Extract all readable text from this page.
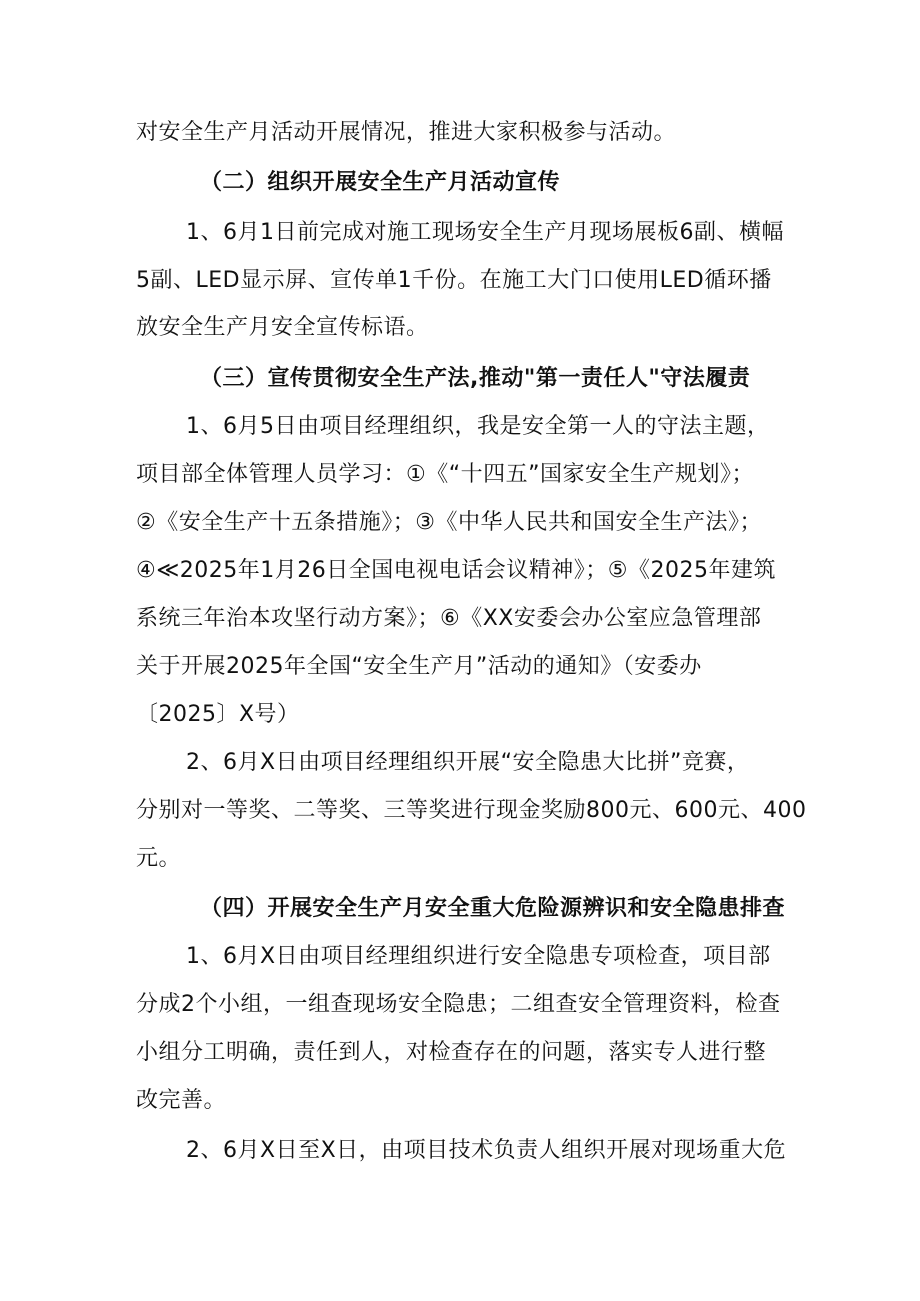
对安全生产月活动开展情况，推进大家积极参与活动。
（二）组织开展安全生产月活动宣传
1、6月1日前完成对施工现场安全生产月现场展板6副、横幅
5副、LED显示屏、宣传单1千份。在施工大门口使用LED循环播
放安全生产月安全宣传标语。
（三）宣传贯彻安全生产法,推动"第一责任人"守法履责
1、6月5日由项目经理组织，我是安全第一人的守法主题，
项目部全体管理人员学习：①《“十四五”国家安全生产规划》；
②《安全生产十五条措施》；③《中华人民共和国安全生产法》；
④≪2025年1月26日全国电视电话会议精神》；⑤《2025年建筑
系统三年治本攻坚行动方案》；⑥《XX安委会办公室应急管理部
关于开展2025年全国“安全生产月”活动的通知》（安委办
〔2025〕X号）
2、6月X日由项目经理组织开展“安全隐患大比拼”竞赛，
分别对一等奖、二等奖、三等奖进行现金奖励800元、600元、400
元。
（四）开展安全生产月安全重大危险源辨识和安全隐患排查
1、6月X日由项目经理组织进行安全隐患专项检查，项目部
分成2个小组，一组查现场安全隐患；二组查安全管理资料，检查
小组分工明确，责任到人，对检查存在的问题，落实专人进行整
改完善。
2、6月X日至X日，由项目技术负责人组织开展对现场重大危
